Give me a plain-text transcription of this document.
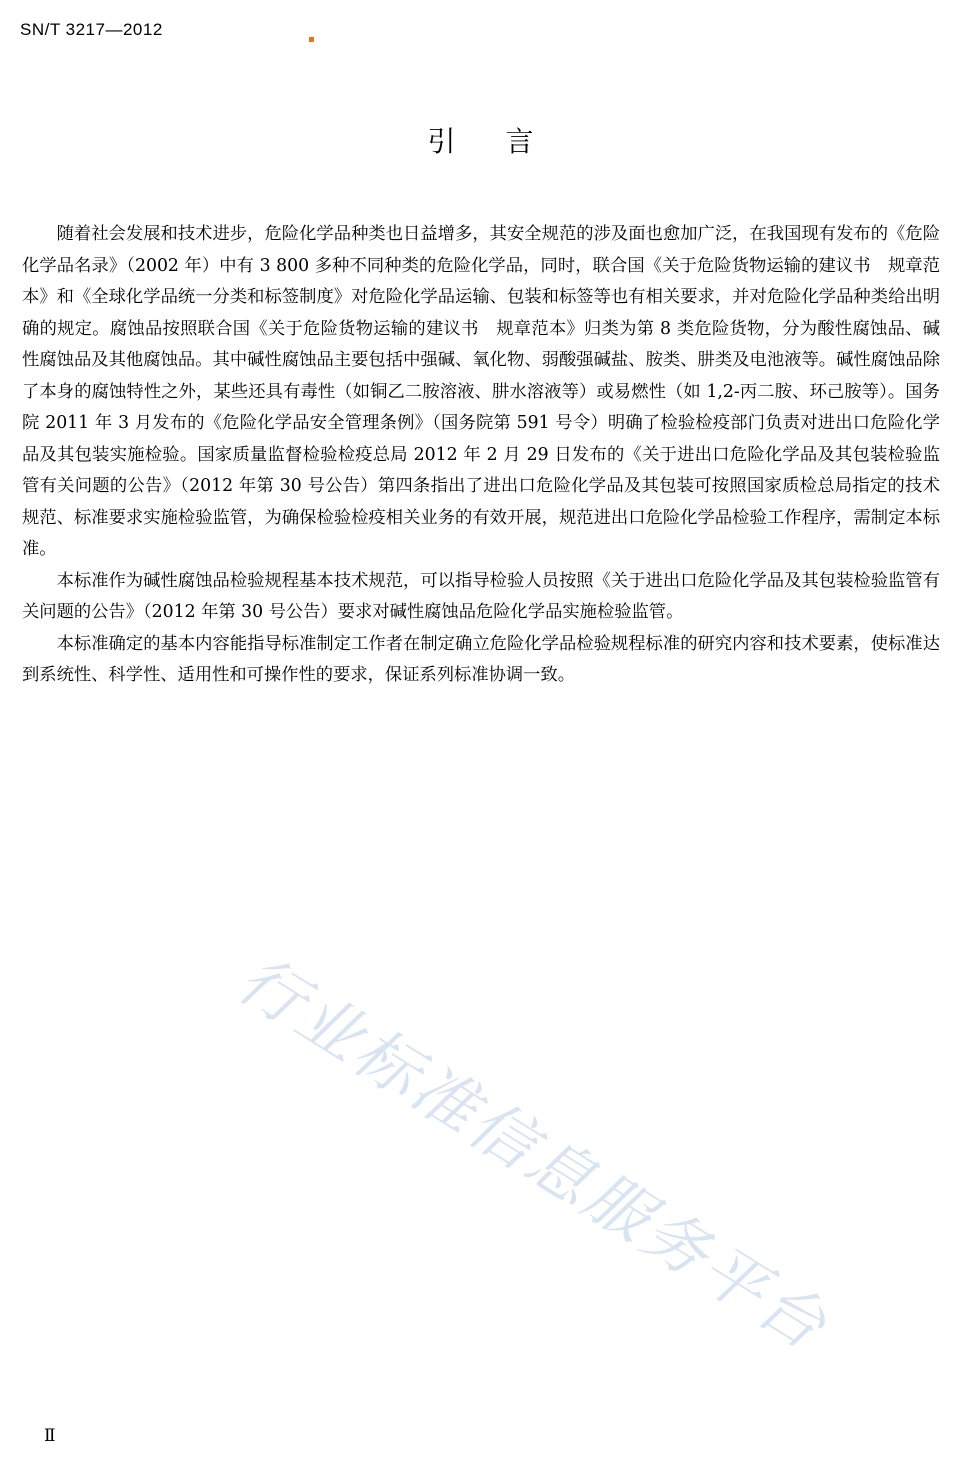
SN/T 3217—2012
引言

随着社会发展和技术进步，危险化学品种类也日益增多，其安全规范的涉及面也愈加广泛，在我国现有发布的《危险化学品名录》（2002 年）中有 3 800 多种不同种类的危险化学品，同时，联合国《关于危险货物运输的建议书　规章范本》和《全球化学品统一分类和标签制度》对危险化学品运输、包装和标签等也有相关要求，并对危险化学品种类给出明确的规定。腐蚀品按照联合国《关于危险货物运输的建议书　规章范本》归类为第 8 类危险货物，分为酸性腐蚀品、碱性腐蚀品及其他腐蚀品。其中碱性腐蚀品主要包括中强碱、氧化物、弱酸强碱盐、胺类、肼类及电池液等。碱性腐蚀品除了本身的腐蚀特性之外，某些还具有毒性（如铜乙二胺溶液、肼水溶液等）或易燃性（如 1,2-丙二胺、环己胺等）。国务院 2011 年 3 月发布的《危险化学品安全管理条例》（国务院第 591 号令）明确了检验检疫部门负责对进出口危险化学品及其包装实施检验。国家质量监督检验检疫总局 2012 年 2 月 29 日发布的《关于进出口危险化学品及其包装检验监管有关问题的公告》（2012 年第 30 号公告）第四条指出了进出口危险化学品及其包装可按照国家质检总局指定的技术规范、标准要求实施检验监管，为确保检验检疫相关业务的有效开展，规范进出口危险化学品检验工作程序，需制定本标准。

本标准作为碱性腐蚀品检验规程基本技术规范，可以指导检验人员按照《关于进出口危险化学品及其包装检验监管有关问题的公告》（2012 年第 30 号公告）要求对碱性腐蚀品危险化学品实施检验监管。

本标准确定的基本内容能指导标准制定工作者在制定确立危险化学品检验规程标准的研究内容和技术要素，使标准达到系统性、科学性、适用性和可操作性的要求，保证系列标准协调一致。

行业标准信息服务平台
Ⅱ
